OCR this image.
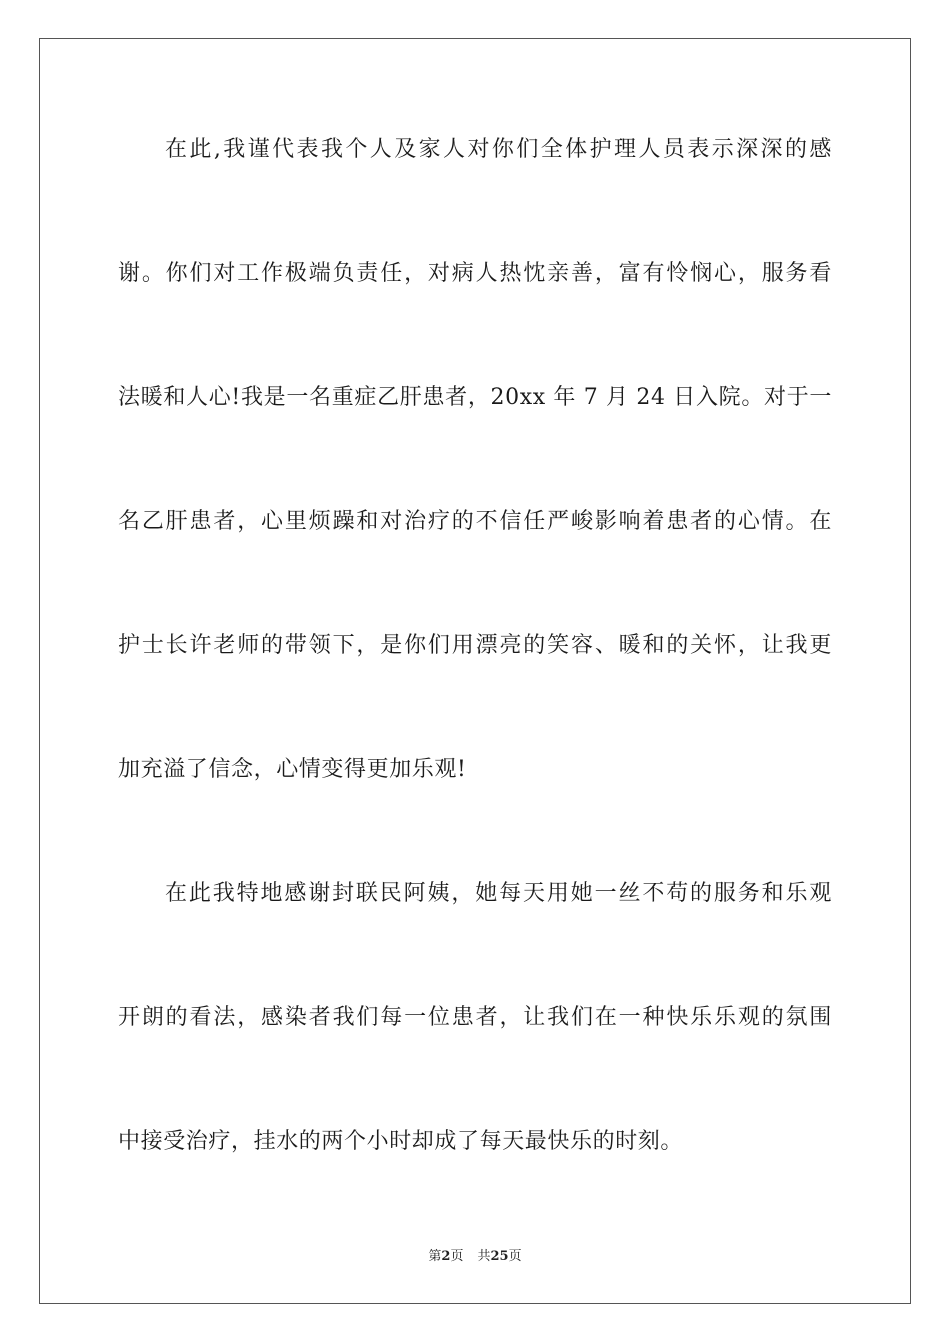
在此,我谨代表我个人及家人对你们全体护理人员表示深深的感
谢。你们对工作极端负责任，对病人热忱亲善，富有怜悯心，服务看
法暖和人心!我是一名重症乙肝患者，20xx 年 7 月 24 日入院。对于一
名乙肝患者，心里烦躁和对治疗的不信任严峻影响着患者的心情。在
护士长许老师的带领下，是你们用漂亮的笑容、暖和的关怀，让我更
加充溢了信念，心情变得更加乐观!
在此我特地感谢封联民阿姨，她每天用她一丝不苟的服务和乐观
开朗的看法，感染者我们每一位患者，让我们在一种快乐乐观的氛围
中接受治疗，挂水的两个小时却成了每天最快乐的时刻。
第2页 共25页
